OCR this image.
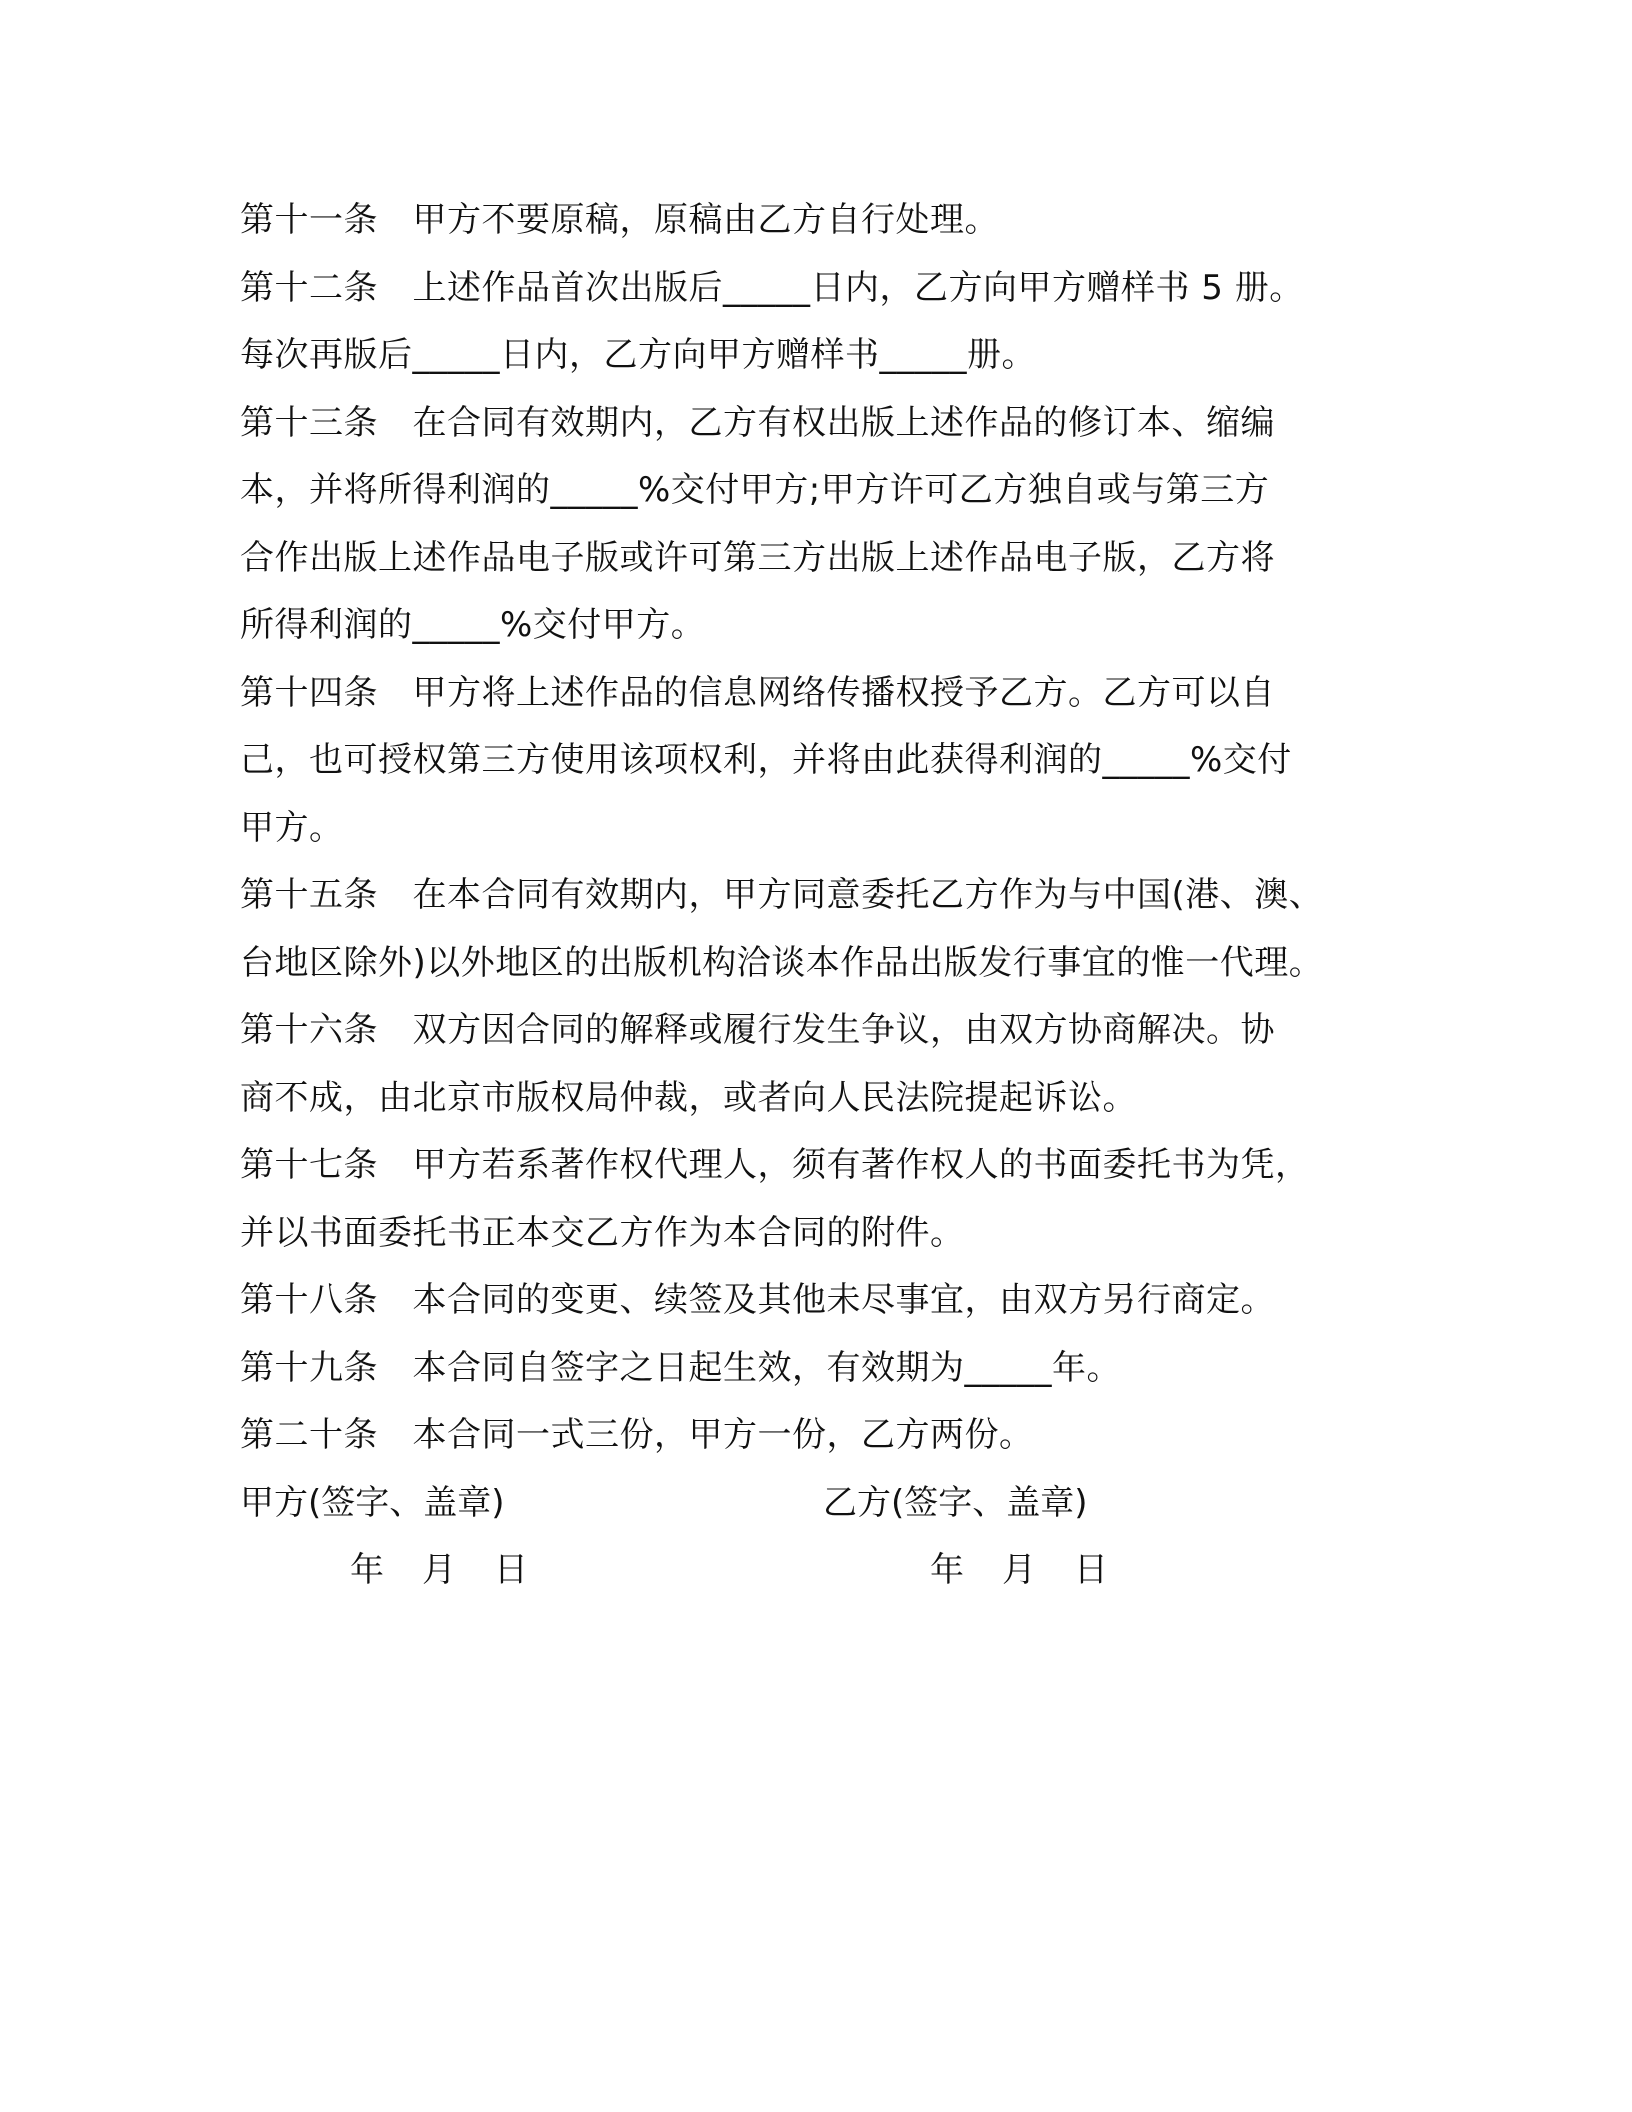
第十一条　甲方不要原稿，原稿由乙方自行处理。
第十二条　上述作品首次出版后_____日内，乙方向甲方赠样书 5 册。
每次再版后_____日内，乙方向甲方赠样书_____册。
第十三条　在合同有效期内，乙方有权出版上述作品的修订本、缩编
本，并将所得利润的_____%交付甲方;甲方许可乙方独自或与第三方
合作出版上述作品电子版或许可第三方出版上述作品电子版，乙方将
所得利润的_____%交付甲方。
第十四条　甲方将上述作品的信息网络传播权授予乙方。乙方可以自
己，也可授权第三方使用该项权利，并将由此获得利润的_____%交付
甲方。
第十五条　在本合同有效期内，甲方同意委托乙方作为与中国(港、澳、
台地区除外)以外地区的出版机构洽谈本作品出版发行事宜的惟一代理。
第十六条　双方因合同的解释或履行发生争议，由双方协商解决。协
商不成，由北京市版权局仲裁，或者向人民法院提起诉讼。
第十七条　甲方若系著作权代理人，须有著作权人的书面委托书为凭，
并以书面委托书正本交乙方作为本合同的附件。
第十八条　本合同的变更、续签及其他未尽事宜，由双方另行商定。
第十九条　本合同自签字之日起生效，有效期为_____年。
第二十条　本合同一式三份，甲方一份，乙方两份。
甲方(签字、盖章)	乙方(签字、盖章)
年 月 日	年 月 日
